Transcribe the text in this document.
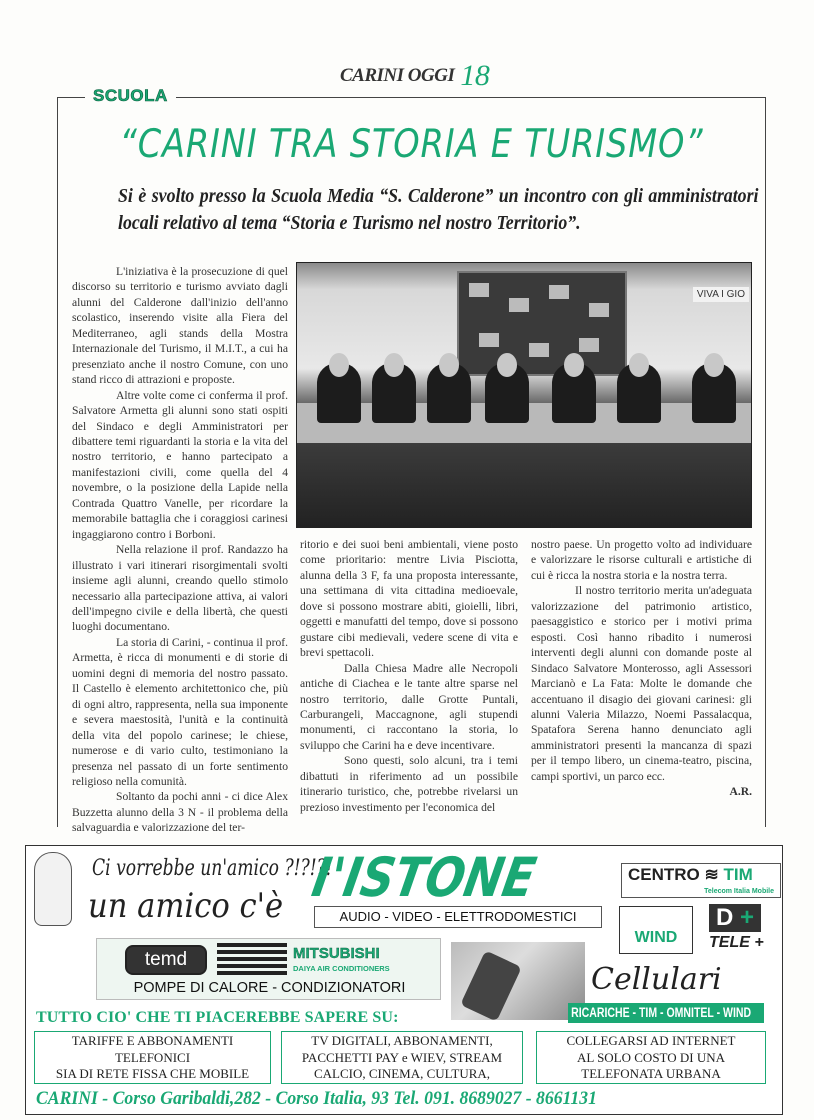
CARINI OGGI 18
SCUOLA
“CARINI TRA STORIA E TURISMO”

Si è svolto presso la Scuola Media “S. Calderone” un incontro con gli amministratori locali relativo al tema “Storia e Turismo nel nostro Territorio”.

VIVA I GIO

L'iniziativa è la prosecuzione di quel discorso su territorio e turismo avviato dagli alunni del Calderone dall'inizio dell'anno scolastico, inserendo visite alla Fiera del Mediterraneo, agli stands della Mostra Internazionale del Turismo, il M.I.T., a cui ha presenziato anche il nostro Comune, con uno stand ricco di attrazioni e proposte.

Altre volte come ci conferma il prof. Salvatore Armetta gli alunni sono stati ospiti del Sindaco e degli Amministratori per dibattere temi riguardanti la storia e la vita del nostro territorio, e hanno partecipato a manifestazioni civili, come quella del 4 novembre, o la posizione della Lapide nella Contrada Quattro Vanelle, per ricordare la memorabile battaglia che i coraggiosi carinesi ingaggiarono contro i Borboni.

Nella relazione il prof. Randazzo ha illustrato i vari itinerari risorgimentali svolti insieme agli alunni, creando quello stimolo necessario alla partecipazione attiva, ai valori dell'impegno civile e della libertà, che questi luoghi documentano.

La storia di Carini, - continua il prof. Armetta, è ricca di monumenti e di storie di uomini degni di memoria del nostro passato. Il Castello è elemento architettonico che, più di ogni altro, rappresenta, nella sua imponente e severa maestosità, l'unità e la continuità della vita del popolo carinese; le chiese, numerose e di vario culto, testimoniano la presenza nel passato di un forte sentimento religioso nella comunità.

Soltanto da pochi anni - ci dice Alex Buzzetta alunno della 3 N - il problema della salvaguardia e valorizzazione del ter-

ritorio e dei suoi beni ambientali, viene posto come prioritario: mentre Livia Pisciotta, alunna della 3 F, fa una proposta interessante, una settimana di vita cittadina medioevale, dove si possono mostrare abiti, gioielli, libri, oggetti e manufatti del tempo, dove si possono gustare cibi medievali, vedere scene di vita e brevi spettacoli.

Dalla Chiesa Madre alle Necropoli antiche di Ciachea e le tante altre sparse nel nostro territorio, dalle Grotte Puntali, Carburangeli, Maccagnone, agli stupendi monumenti, ci raccontano la storia, lo sviluppo che Carini ha e deve incentivare.

Sono questi, solo alcuni, tra i temi dibattuti in riferimento ad un possibile itinerario turistico, che, potrebbe rivelarsi un prezioso investimento per l'economica del

nostro paese. Un progetto volto ad individuare e valorizzare le risorse culturali e artistiche di cui è ricca la nostra storia e la nostra terra.

Il nostro territorio merita un'adeguata valorizzazione del patrimonio artistico, paesaggistico e storico per i motivi prima esposti. Così hanno ribadito i numerosi interventi degli alunni con domande poste al Sindaco Salvatore Monterosso, agli Assessori Marcianò e La Fata: Molte le domande che accentuano il disagio dei giovani carinesi: gli alunni Valeria Milazzo, Noemi Passalacqua, Spatafora Serena hanno denunciato agli amministratori presenti la mancanza di spazi per il tempo libero, un cinema-teatro, piscina, campi sportivi, un parco ecc.

A.R.

Ci vorrebbe un'amico ?!?!?!
un amico c'è I'ISTONE
AUDIO - VIDEO - ELETTRODOMESTICI
CENTRO ≋ TIM
Telecom Italia Mobile
WIND
D +
TELE +
temd	MITSUBISHI
DAIYA AIR CONDITIONERS
POMPE DI CALORE - CONDIZIONATORI	Cellulari
RICARICHE - TIM - OMNITEL - WIND
TUTTO CIO' CHE TI PIACEREBBE SAPERE SU:
TARIFFE E ABBONAMENTI
TELEFONICI
SIA DI RETE FISSA CHE MOBILE
TV DIGITALI, ABBONAMENTI,
PACCHETTI PAY e WIEV, STREAM
CALCIO, CINEMA, CULTURA,
COLLEGARSI AD INTERNET
AL SOLO COSTO DI UNA
TELEFONATA URBANA
CARINI - Corso Garibaldi,282 - Corso Italia, 93 Tel. 091. 8689027 - 8661131
